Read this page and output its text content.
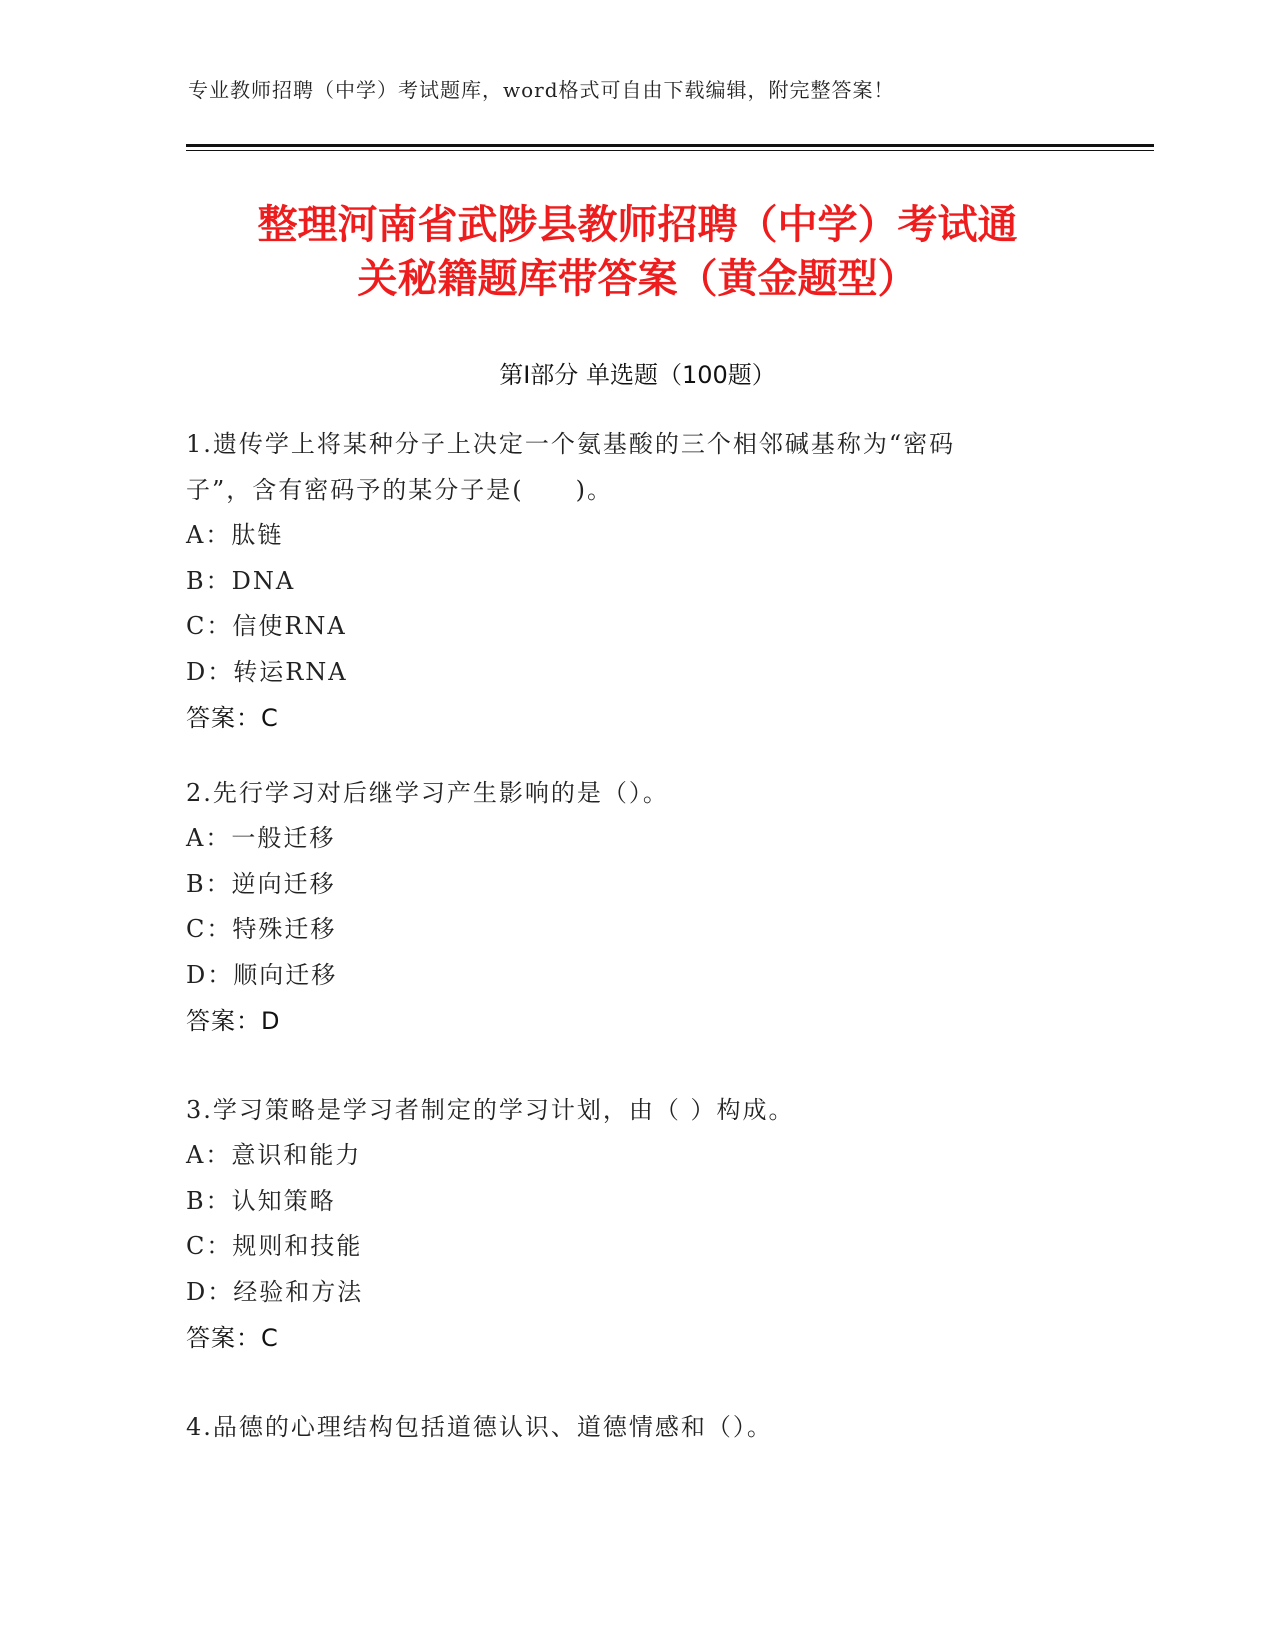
专业教师招聘（中学）考试题库，word格式可自由下载编辑，附完整答案！
整理河南省武陟县教师招聘（中学）考试通
关秘籍题库带答案（黄金题型）
第Ⅰ部分 单选题（100题）
1.遗传学上将某种分子上决定一个氨基酸的三个相邻碱基称为“密码
子”，含有密码予的某分子是(　　)。
A：肽链
B：DNA
C：信使RNA
D：转运RNA
答案：C
2.先行学习对后继学习产生影响的是（）。
A：一般迁移
B：逆向迁移
C：特殊迁移
D：顺向迁移
答案：D
3.学习策略是学习者制定的学习计划，由（ ）构成。
A：意识和能力
B：认知策略
C：规则和技能
D：经验和方法
答案：C
4.品德的心理结构包括道德认识、道德情感和（）。
